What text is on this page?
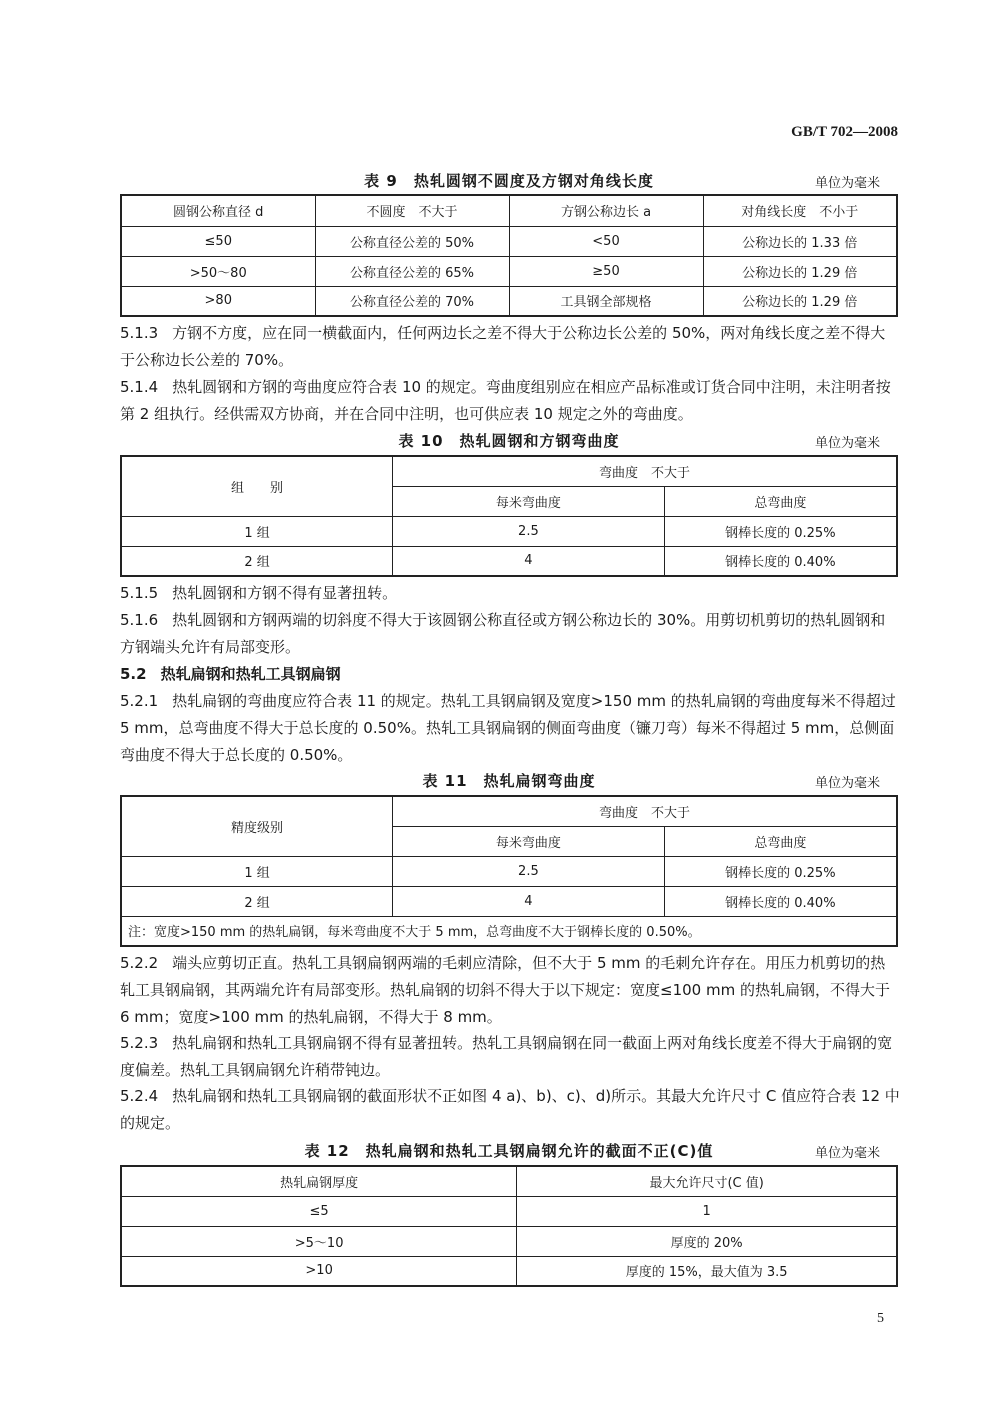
GB/T 702—2008
表 9　热轧圆钢不圆度及方钢对角线长度	单位为毫米
圆钢公称直径 d	不圆度　不大于	方钢公称边长 a	对角线长度　不小于
≤50	公称直径公差的 50%	<50	公称边长的 1.33 倍
>50～80	公称直径公差的 65%	≥50	公称边长的 1.29 倍
>80	公称直径公差的 70%	工具钢全部规格	公称边长的 1.29 倍
5.1.3 方钢不方度，应在同一横截面内，任何两边长之差不得大于公称边长公差的 50%，两对角线长度之差不得大于公称边长公差的 70%。
5.1.4 热轧圆钢和方钢的弯曲度应符合表 10 的规定。弯曲度组别应在相应产品标准或订货合同中注明，未注明者按第 2 组执行。经供需双方协商，并在合同中注明，也可供应表 10 规定之外的弯曲度。
表 10　热轧圆钢和方钢弯曲度	单位为毫米
组　　别	弯曲度　不大于	
	每米弯曲度	总弯曲度
1 组	2.5	钢棒长度的 0.25%
2 组	4	钢棒长度的 0.40%
5.1.5 热轧圆钢和方钢不得有显著扭转。
5.1.6 热轧圆钢和方钢两端的切斜度不得大于该圆钢公称直径或方钢公称边长的 30%。用剪切机剪切的热轧圆钢和方钢端头允许有局部变形。
5.2 热轧扁钢和热轧工具钢扁钢
5.2.1 热轧扁钢的弯曲度应符合表 11 的规定。热轧工具钢扁钢及宽度>150 mm 的热轧扁钢的弯曲度每米不得超过 5 mm，总弯曲度不得大于总长度的 0.50%。热轧工具钢扁钢的侧面弯曲度（镰刀弯）每米不得超过 5 mm，总侧面弯曲度不得大于总长度的 0.50%。
表 11　热轧扁钢弯曲度	单位为毫米
精度级别	弯曲度　不大于	
	每米弯曲度	总弯曲度
1 组	2.5	钢棒长度的 0.25%
2 组	4	钢棒长度的 0.40%
注：宽度>150 mm 的热轧扁钢，每米弯曲度不大于 5 mm，总弯曲度不大于钢棒长度的 0.50%。		
5.2.2 端头应剪切正直。热轧工具钢扁钢两端的毛刺应清除，但不大于 5 mm 的毛刺允许存在。用压力机剪切的热轧工具钢扁钢，其两端允许有局部变形。热轧扁钢的切斜不得大于以下规定：宽度≤100 mm 的热轧扁钢，不得大于 6 mm；宽度>100 mm 的热轧扁钢，不得大于 8 mm。
5.2.3 热轧扁钢和热轧工具钢扁钢不得有显著扭转。热轧工具钢扁钢在同一截面上两对角线长度差不得大于扁钢的宽度偏差。热轧工具钢扁钢允许稍带钝边。
5.2.4 热轧扁钢和热轧工具钢扁钢的截面形状不正如图 4 a)、b)、c)、d)所示。其最大允许尺寸 C 值应符合表 12 中的规定。
表 12　热轧扁钢和热轧工具钢扁钢允许的截面不正(C)值	单位为毫米
热轧扁钢厚度	最大允许尺寸(C 值)
≤5	1
>5～10	厚度的 20%
>10	厚度的 15%，最大值为 3.5
5
